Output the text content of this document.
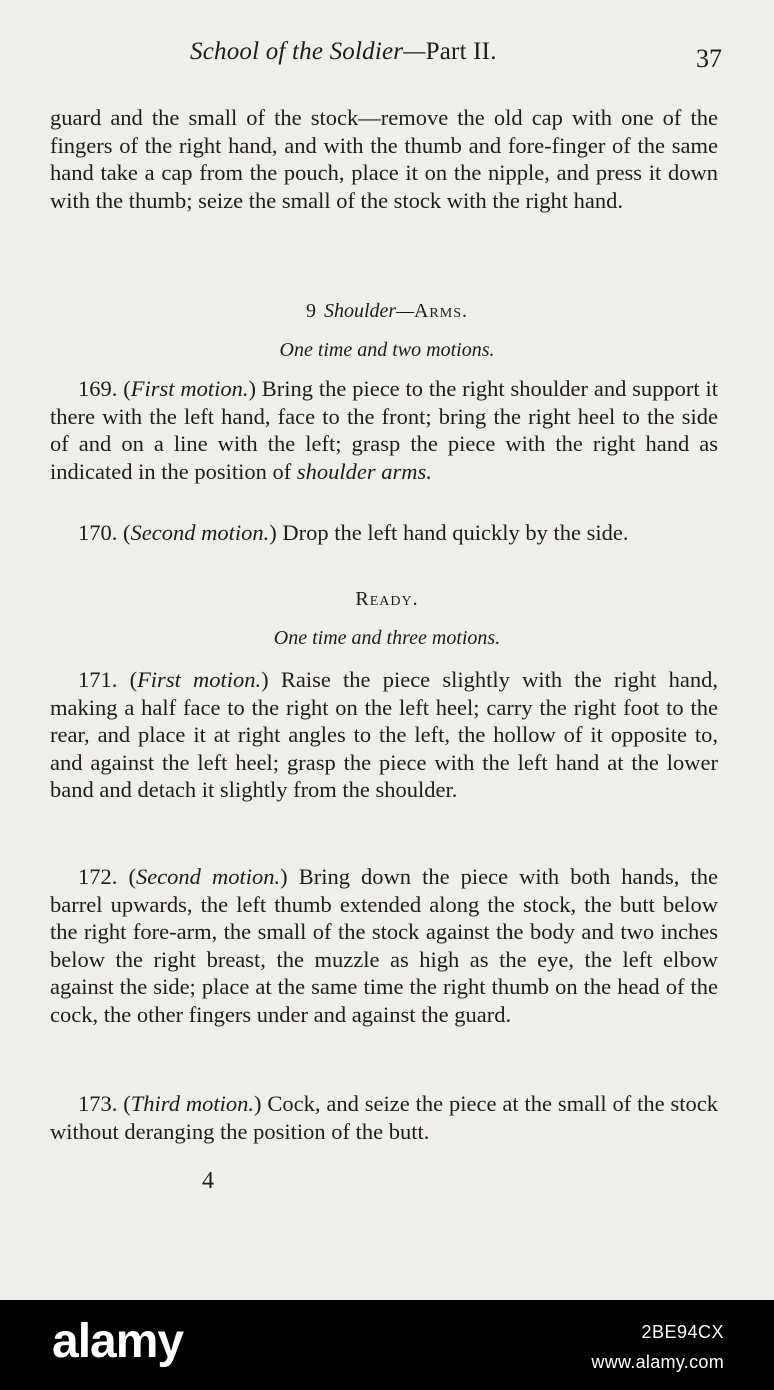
School of the Soldier—Part II.	37

guard and the small of the stock—remove the old cap with one of the fingers of the right hand, and with the thumb and fore-finger of the same hand take a cap from the pouch, place it on the nipple, and press it down with the thumb; seize the small of the stock with the right hand.

9 Shoulder—Arms.
One time and two motions.

169. (First motion.) Bring the piece to the right shoulder and support it there with the left hand, face to the front; bring the right heel to the side of and on a line with the left; grasp the piece with the right hand as indicated in the position of shoulder arms.

170. (Second motion.) Drop the left hand quickly by the side.

Ready.
One time and three motions.

171. (First motion.) Raise the piece slightly with the right hand, making a half face to the right on the left heel; carry the right foot to the rear, and place it at right angles to the left, the hollow of it opposite to, and against the left heel; grasp the piece with the left hand at the lower band and detach it slightly from the shoulder.

172. (Second motion.) Bring down the piece with both hands, the barrel upwards, the left thumb extended along the stock, the butt below the right fore-arm, the small of the stock against the body and two inches below the right breast, the muzzle as high as the eye, the left elbow against the side; place at the same time the right thumb on the head of the cock, the other fingers under and against the guard.

173. (Third motion.) Cock, and seize the piece at the small of the stock without deranging the position of the butt.

4
alamy	2BE94CX
www.alamy.com
